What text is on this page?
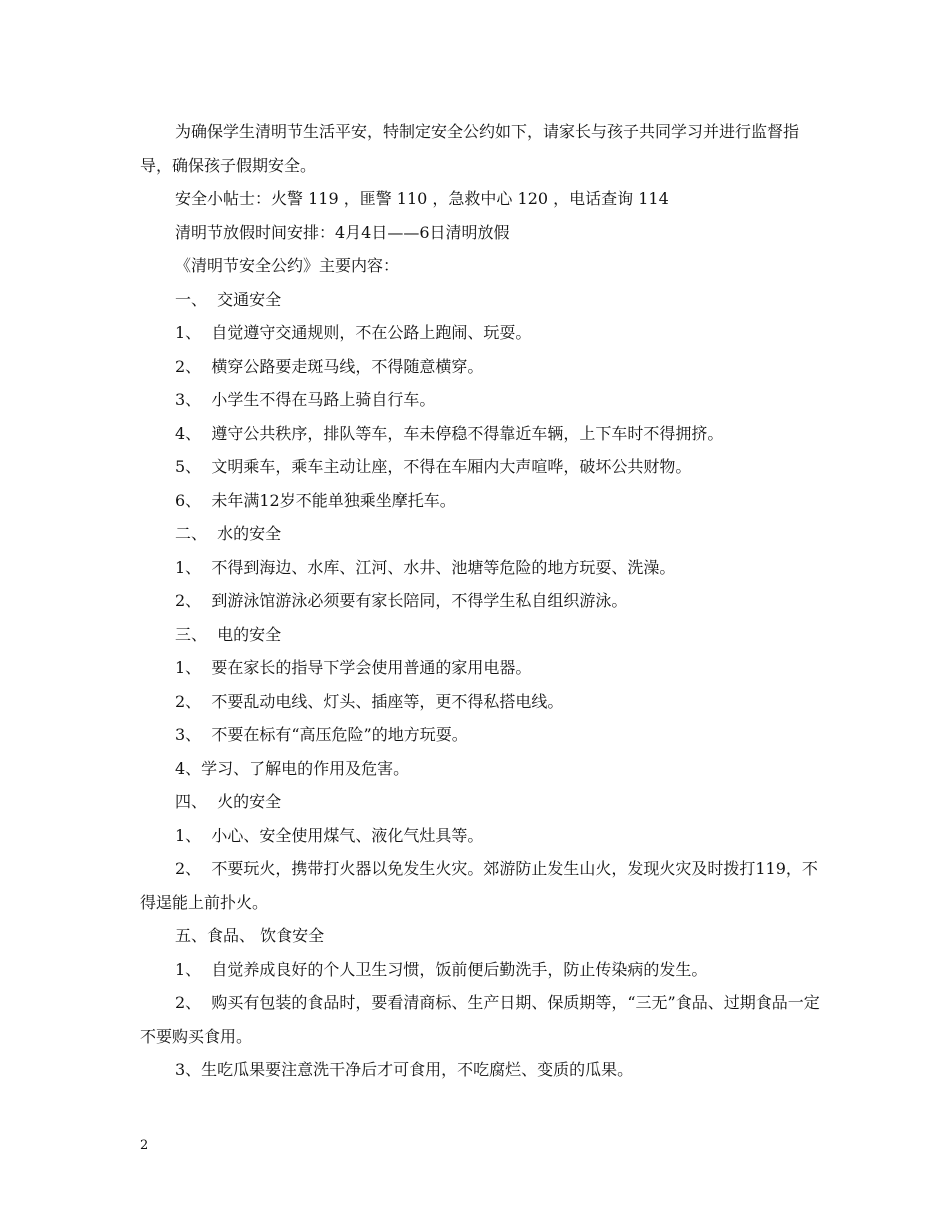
为确保学生清明节生活平安，特制定安全公约如下，请家长与孩子共同学习并进行监督指导，确保孩子假期安全。

安全小帖士：火警 119 ，匪警 110 ，急救中心 120 ，电话查询 114

清明节放假时间安排：4月4日——6日清明放假

《清明节安全公约》主要内容：

一、  交通安全

1、  自觉遵守交通规则，不在公路上跑闹、玩耍。

2、  横穿公路要走斑马线，不得随意横穿。

3、  小学生不得在马路上骑自行车。

4、  遵守公共秩序，排队等车，车未停稳不得靠近车辆，上下车时不得拥挤。

5、  文明乘车，乘车主动让座，不得在车厢内大声喧哗，破坏公共财物。

6、  未年满12岁不能单独乘坐摩托车。

二、  水的安全

1、  不得到海边、水库、江河、水井、池塘等危险的地方玩耍、洗澡。

2、  到游泳馆游泳必须要有家长陪同，不得学生私自组织游泳。

三、  电的安全

1、  要在家长的指导下学会使用普通的家用电器。

2、  不要乱动电线、灯头、插座等，更不得私搭电线。

3、  不要在标有“高压危险”的地方玩耍。

4、学习、了解电的作用及危害。

四、  火的安全

1、  小心、安全使用煤气、液化气灶具等。

2、  不要玩火，携带打火器以免发生火灾。郊游防止发生山火，发现火灾及时拨打119，不得逞能上前扑火。

五、食品、 饮食安全

1、  自觉养成良好的个人卫生习惯，饭前便后勤洗手，防止传染病的发生。

2、  购买有包装的食品时，要看清商标、生产日期、保质期等，“三无”食品、过期食品一定不要购买食用。

3、生吃瓜果要注意洗干净后才可食用，不吃腐烂、变质的瓜果。

2
